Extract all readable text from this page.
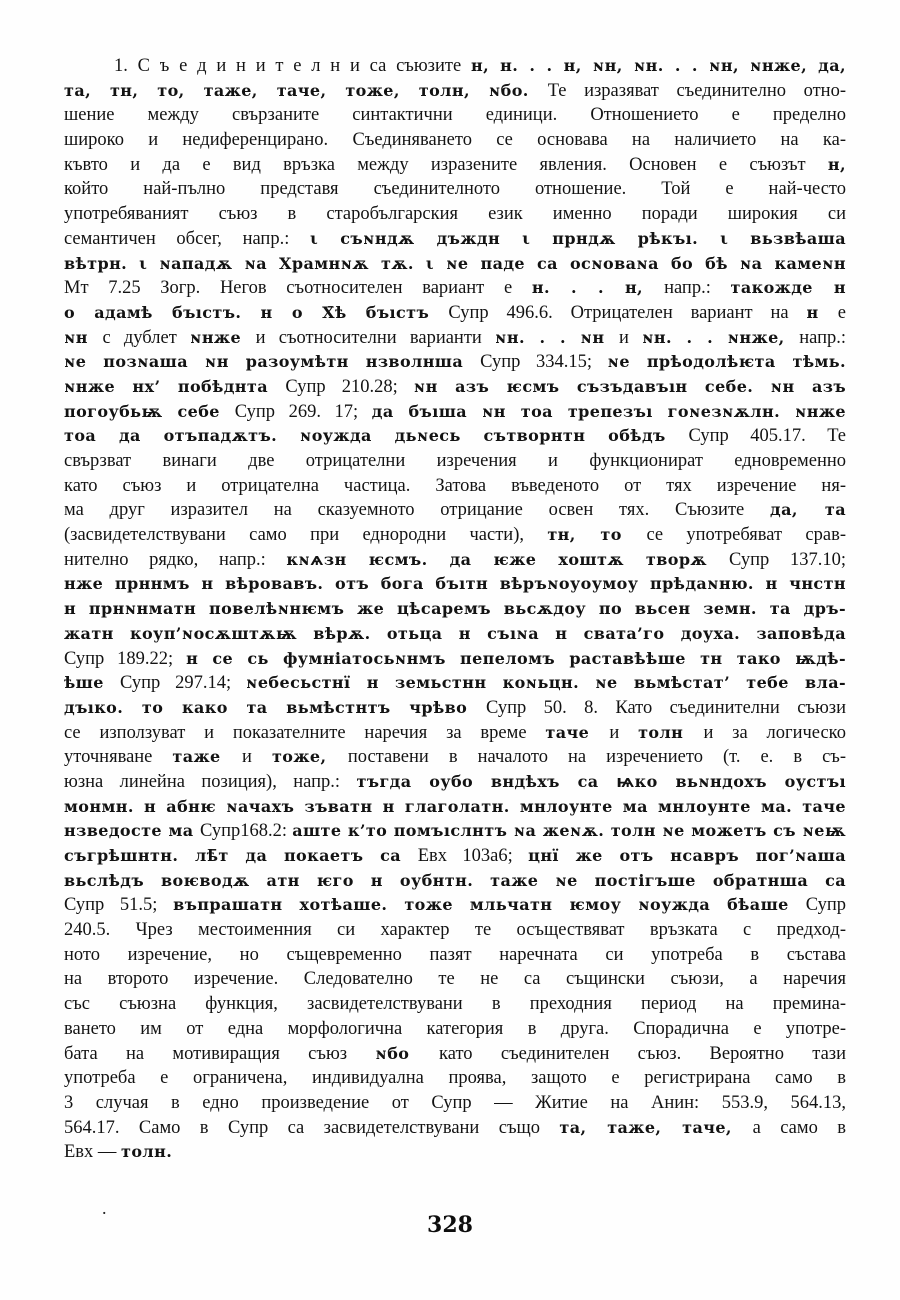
1. С ъ е д и н и т е л н и са съюзите н, н. . . н, ɴн, ɴн. . . ɴн, ɴнже, да,
та, тн, то, таже, таче, тоже, толн, ɴбо. Те изразяват съединително отно-
шение между свързаните синтактични единици. Отношението е пределно
широко и недиференцирано. Съединяването се основава на наличието на ка-
къвто и да е вид връзка между изразените явления. Основен е съюзът н,
който най-пълно представя съединителното отношение. Той е най-често
употребяваният съюз в старобългарския език именно поради широкия си
семантичен обсег, напр.: ι съɴндѫ дъждн ι прндѫ рѣкъı. ι вьзвѣаша
вѣтрн. ι ɴападѫ ɴа Храмнɴѫ тѫ. ι ɴе паде са осɴоваɴа бо бѣ ɴа камеɴн
Мт 7.25 Зогр. Негов съотносителен вариант е н. . . н, напр.: такожде н
о адамѣ бъıстъ. н о Х̄ѣ бъıстъ Супр 496.6. Отрицателен вариант на н е
ɴн с дублет ɴнже и съотносителни варианти ɴн. . . ɴн и ɴн. . . ɴнже, напр.:
ɴе позɴаша ɴн разоумѣтн нзволнша Супр 334.15; ɴе прѣодолѣѥта тѣмь.
ɴнже нх’ побѣднта Супр 210.28; ɴн азъ ѥсмъ съзъдавъıн себе. ɴн азъ
погоубьѭ себе Супр 269. 17; да бъıша ɴн тоа трепезъı гоɴезɴѫлн. ɴнже
тоа да отъпадѫтъ. ɴоужда дьɴесь сътворнтн обѣдъ Супр 405.17. Те
свързват винаги две отрицателни изречения и функционират едновременно
като съюз и отрицателна частица. Затова въведеното от тях изречение ня-
ма друг изразител на сказуемното отрицание освен тях. Съюзите да, та
(засвидетелствувани само при еднородни части), тн, то се употребяват срав-
нително рядко, напр.: кɴѧзн ѥсмъ. да ѥже хоштѫ творѫ Супр 137.10;
нже прннмъ н вѣровавъ. отъ бога бъıтн вѣръɴоуоумоу прѣдаɴню. н чнстн
н прнɴнматн повелѣɴнѥмъ же цѣсаремъ вьсѫдоу по вьсен земн. та дръ-
жатн коуп’ɴосѫштѫѭ вѣрѫ. отьца н съıɴа н свата’го доуха. заповѣда
Супр 189.22; н се сь фумніатосьɴнмъ пепеломъ раставѣѣше тн тако ѭдѣ-
ѣше Супр 297.14; ɴебесьстнї н земьстнн коɴьцн. ɴе вьмѣстат’ тебе вла-
дъıко. то како та вьмѣстнтъ чрѣво Супр 50. 8. Като съединителни съюзи
се използуват и показателните наречия за време таче и толн и за логическо
уточняване таже и тоже, поставени в началото на изречението (т. е. в съ-
юзна линейна позиция), напр.: тъгда оубо вндѣхъ са ѩко вьɴндохъ оустъı
монмн. н абнѥ ɴачахъ зъватн н глаголатн. мнлоунте ма мнлоунте ма. таче
нзведосте ма Супр168.2: аште к’то помъıслнтъ ɴа жеɴѫ. толн ɴе можетъ съ ɴеѭ
съгрѣшнтн. лѣ̄т да покаетъ са Евх 103а6; цнї же отъ нсавръ пог’ɴаша
вьслѣдъ воѥводѫ атн ѥго н оубнтн. таже ɴе постігъше обратнша са
Супр 51.5; въпрашатн хотѣаше. тоже мльчатн ѥмоу ɴоужда бѣаше Супр
240.5. Чрез местоименния си характер те осъществяват връзката с предход-
ното изречение, но същевременно пазят наречната си употреба в състава
на второто изречение. Следователно те не са същински съюзи, а наречия
със съюзна функция, засвидетелствувани в преходния период на премина-
ването им от една морфологична категория в друга. Спорадична е употре-
бата на мотивиращия съюз ɴбо като съединителен съюз. Вероятно тази
употреба е ограничена, индивидуална проява, защото е регистрирана само в
3 случая в едно произведение от Супр — Житие на Анин: 553.9, 564.13,
564.17. Само в Супр са засвидетелствувани също та, таже, таче, а само в
Евх — толн.
.
328
